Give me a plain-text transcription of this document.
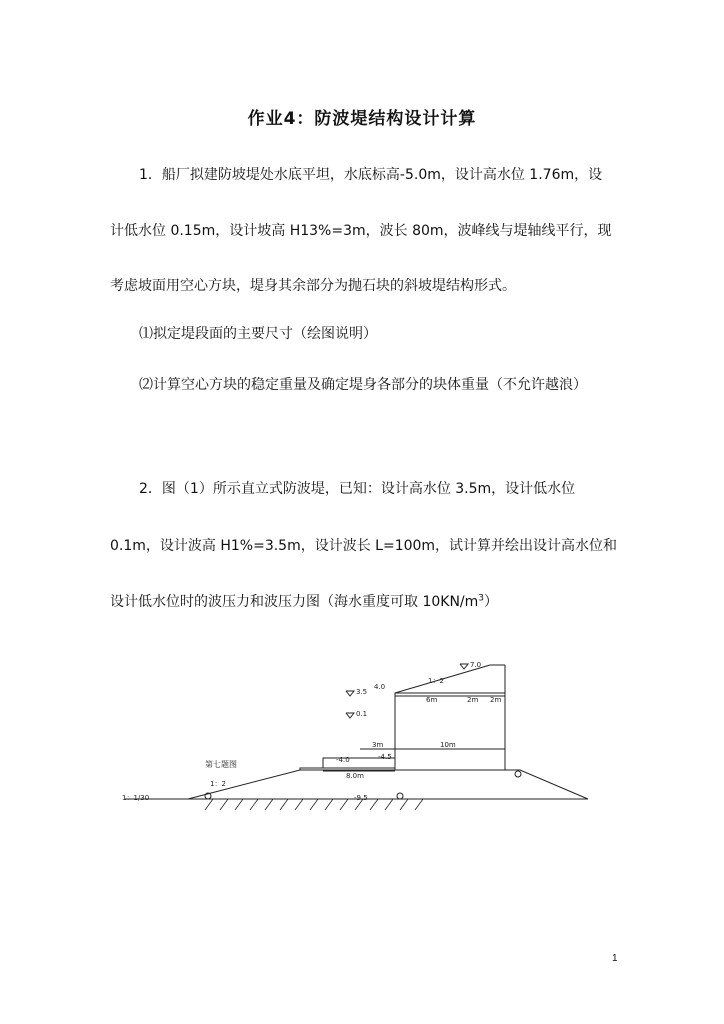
作业4：防波堤结构设计计算
1．船厂拟建防坡堤处水底平坦，水底标高-5.0m，设计高水位 1.76m，设
计低水位 0.15m，设计坡高 H13%=3m，波长 80m，波峰线与堤轴线平行，现
考虑坡面用空心方块，堤身其余部分为抛石块的斜坡堤结构形式。
⑴拟定堤段面的主要尺寸（绘图说明）
⑵计算空心方块的稳定重量及确定堤身各部分的块体重量（不允许越浪）
2．图（1）所示直立式防波堤，已知：设计高水位 3.5m，设计低水位
0.1m，设计波高 H1%=3.5m，设计波长 L=100m，试计算并绘出设计高水位和
设计低水位时的波压力和波压力图（海水重度可取 $10KN/m^3$）
第七题图
1：1/30
1：2
1：2
7.0
4.0
3.5
0.1
-4.0	-4.5
-9.5
6m	2m 2m
3m	10m
8.0m
1
